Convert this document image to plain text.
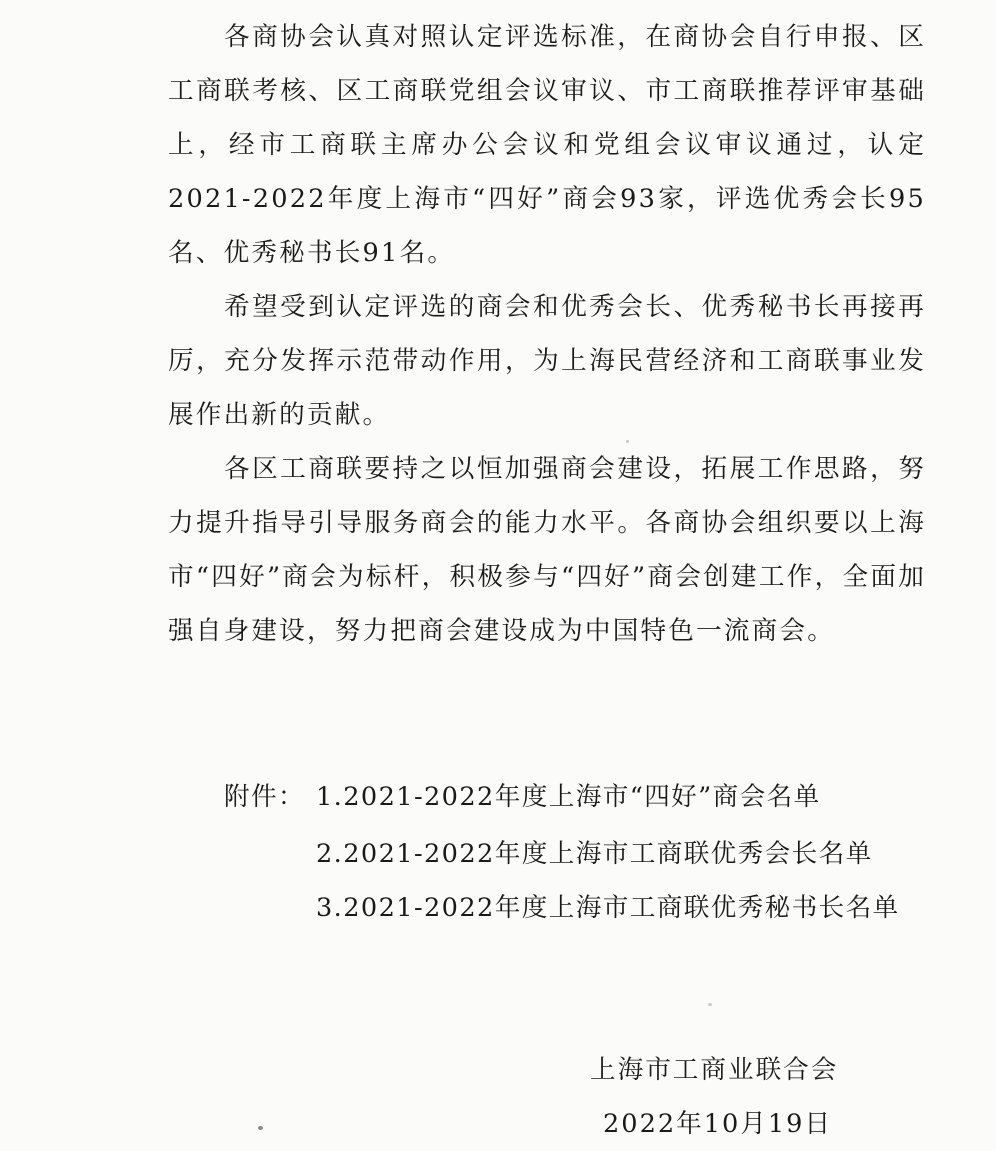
各商协会认真对照认定评选标准，在商协会自行申报、区工商联考核、区工商联党组会议审议、市工商联推荐评审基础上，经市工商联主席办公会议和党组会议审议通过，认定2021-2022年度上海市“四好”商会93家，评选优秀会长95名、优秀秘书长91名。

希望受到认定评选的商会和优秀会长、优秀秘书长再接再厉，充分发挥示范带动作用，为上海民营经济和工商联事业发展作出新的贡献。

各区工商联要持之以恒加强商会建设，拓展工作思路，努力提升指导引导服务商会的能力水平。各商协会组织要以上海市“四好”商会为标杆，积极参与“四好”商会创建工作，全面加强自身建设，努力把商会建设成为中国特色一流商会。

附件： 1.2021-2022年度上海市“四好”商会名单
2.2021-2022年度上海市工商联优秀会长名单
3.2021-2022年度上海市工商联优秀秘书长名单
上海市工商业联合会
2022年10月19日
